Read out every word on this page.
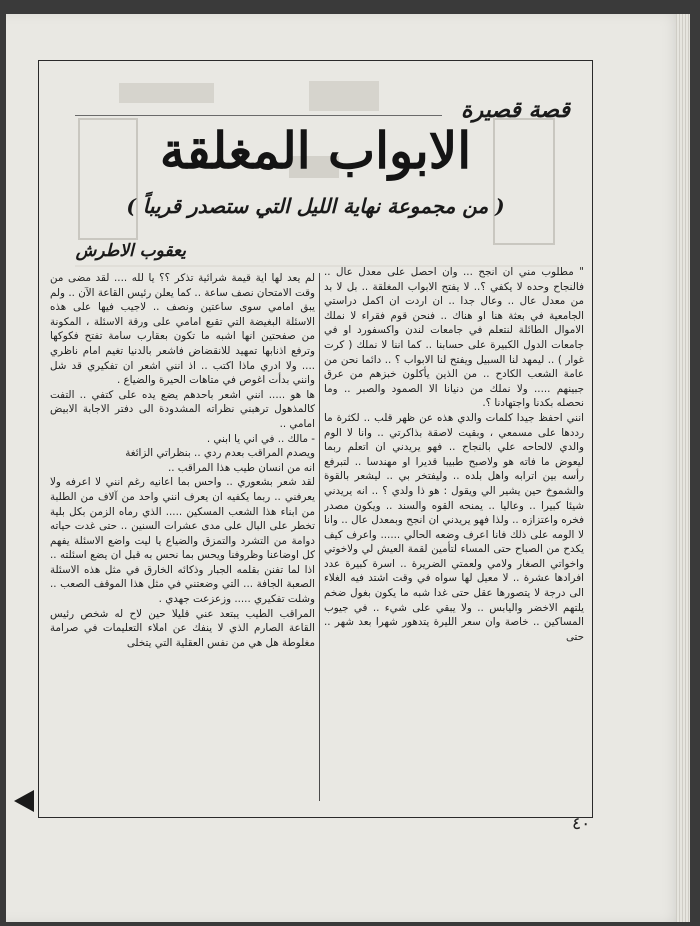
قصة قصيرة
الابواب المغلقة
( من مجموعة نهاية الليل التي ستصدر قريباً )
يعقوب الاطرش
" مطلوب مني ان انجح ... وان احصل على معدل عال .. فالنجاح وحده لا يكفي ؟.. لا يفتح الابواب المغلقة .. بل لا بد من معدل عال .. وعال جدا .. ان اردت ان اكمل دراستي الجامعية في بعثة هنا او هناك .. فنحن قوم فقراء لا نملك الاموال الطائلة لنتعلم في جامعات لندن واكسفورد او في جامعات الدول الكبيرة على حسابنا .. كما اننا لا نملك ( كرت غوار ) .. ليمهد لنا السبيل ويفتح لنا الابواب ؟ .. دائما نحن من عامة الشعب الكادح .. من الذين يأكلون خبزهم من عرق جبينهم ..... ولا نملك من دنيانا الا الصمود والصبر .. وما نحصله بكدنا واجتهادنا ؟.
انني احفظ جيدا كلمات والدي هذه عن ظهر قلب .. لكثرة ما رددها على مسمعي ، وبقيت لاصقة بذاكرتي .. وانا لا الوم والدي لالحاحه علي بالنجاح .. فهو يريدني ان اتعلم ربما ليعوض ما فاته هو ولاصبح طبيبا قديرا او مهندسا .. لتبرفع رأسه بين اترابه واهل بلده .. وليفتخر بي .. ليشعر بالقوة والشموخ حين يشير الي ويقول : هو ذا ولدي ؟ .. انه يريدني شيئا كبيرا .. وعاليا .. يمنحه القوه والسند .. ويكون مصدر فخره واعتزازه .. ولذا فهو يريدني ان انجح وبمعدل عال .. وانا لا الومه على ذلك فانا اعرف وضعه الحالي ...... واعرف كيف يكدح من الصباح حتى المساء لتأمين لقمة العيش لي ولاخوتي واخواتي الصغار ولامي ولعمتي الضريرة .. اسرة كبيرة عدد افرادها عشرة .. لا معيل لها سواه في وقت اشتد فيه الغلاء الى درجة لا يتصورها عقل حتى غدا شبه ما يكون بغول ضخم يلتهم الاخضر واليابس .. ولا يبقي على شيء .. في جيوب المساكين .. خاصة وان سعر الليرة يتدهور شهرا بعد شهر .. حتى
لم يعد لها اية قيمة شرائية تذكر ؟؟ يا لله .... لقد مضى من وقت الامتحان نصف ساعة .. كما يعلن رئيس القاعة الآن .. ولم يبق امامي سوى ساعتين ونصف .. لاجيب فيها على هذه الاسئلة البغيضة التي تقبع امامي على ورقة الاسئلة ، المكونة من صفحتين انها اشبه ما تكون بعقارب سامة تفتح فكوكها وترفع اذنابها تمهيد للانقضاض فاشعر بالدنيا تغيم امام ناظري .... ولا ادري ماذا اكتب .. اذ انني اشعر ان تفكيري قد شل وانني بدأت اغوص في متاهات الحيرة والضياع .
ها هو ..... انني اشعر باحدهم يضع يده على كتفي .. التفت كالمذهول ترهبني نظراته المشدودة الى دفتر الاجابة الابيض امامي ..
- مالك .. في اني يا ابني .
ويصدم المراقب بعدم ردي .. بنظراتي الزائغة
انه من انسان طيب هذا المراقب ..
لقد شعر بشعوري .. واحس بما اعانيه رغم انني لا اعرفه ولا يعرفني .. ربما يكفيه ان يعرف انني واحد من آلاف من الطلبة من ابناء هذا الشعب المسكين ..... الذي رماه الزمن بكل بلية تخطر على البال على مدى عشرات السنين .. حتى غدت حياته دوامة من التشرد والتمزق والضياع يا ليت واضع الاسئلة يفهم كل اوضاعنا وظروفنا ويحس بما نحس به قبل ان يضع اسئلته .. اذا لما تفنن بقلمه الجبار وذكائه الخارق في مثل هذه الاسئلة الصعبة الجافة ... التي وضعتني في مثل هذا الموقف الصعب .. وشلت تفكيري ..... وزعزعت جهدي .
المراقب الطيب يبتعد عني قليلا حين لاح له شخص رئيس القاعة الصارم الذي لا ينفك عن املاء التعليمات في صرامة مغلوطة هل هي من نفس العقلية التي يتخلى
٤٠
